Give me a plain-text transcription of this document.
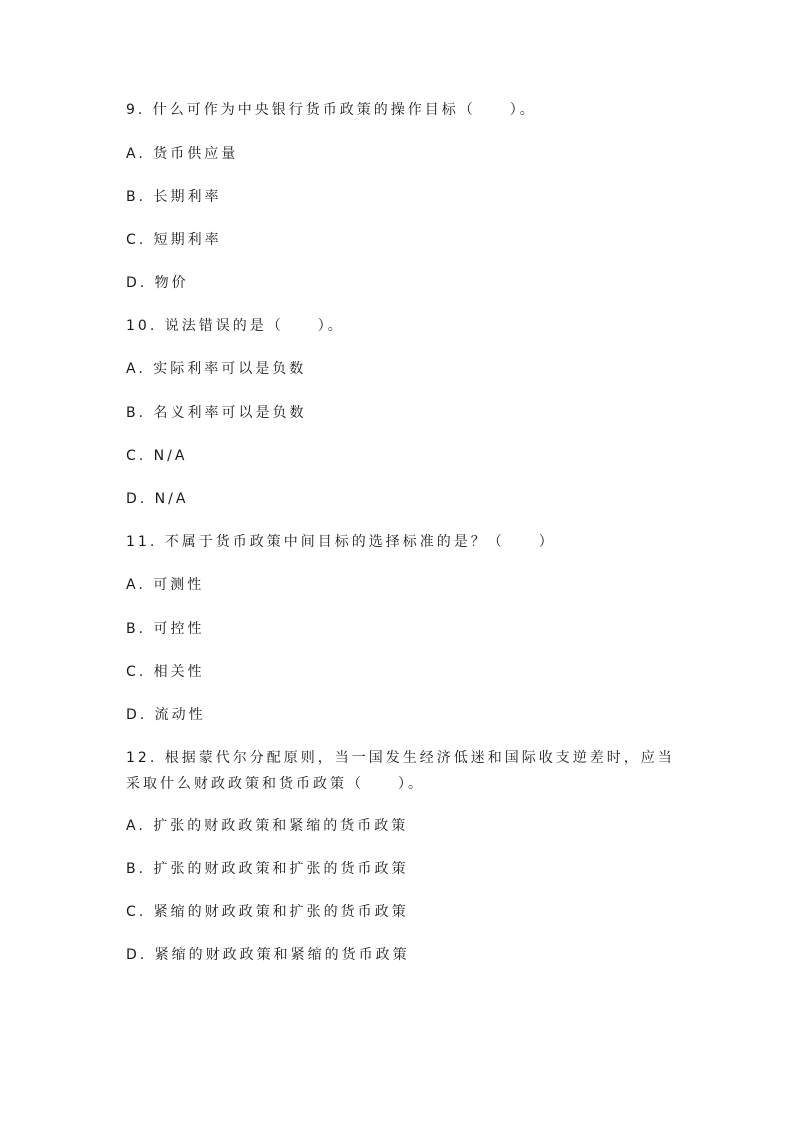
9. 什么可作为中央银行货币政策的操作目标（　　）。
A. 货币供应量
B. 长期利率
C. 短期利率
D. 物价
10. 说法错误的是（　　）。
A. 实际利率可以是负数
B. 名义利率可以是负数
C. N/A
D. N/A
11. 不属于货币政策中间目标的选择标准的是？（　　）
A. 可测性
B. 可控性
C. 相关性
D. 流动性
12. 根据蒙代尔分配原则，当一国发生经济低迷和国际收支逆差时，应当采取什么财政政策和货币政策（　　）。
A. 扩张的财政政策和紧缩的货币政策
B. 扩张的财政政策和扩张的货币政策
C. 紧缩的财政政策和扩张的货币政策
D. 紧缩的财政政策和紧缩的货币政策
